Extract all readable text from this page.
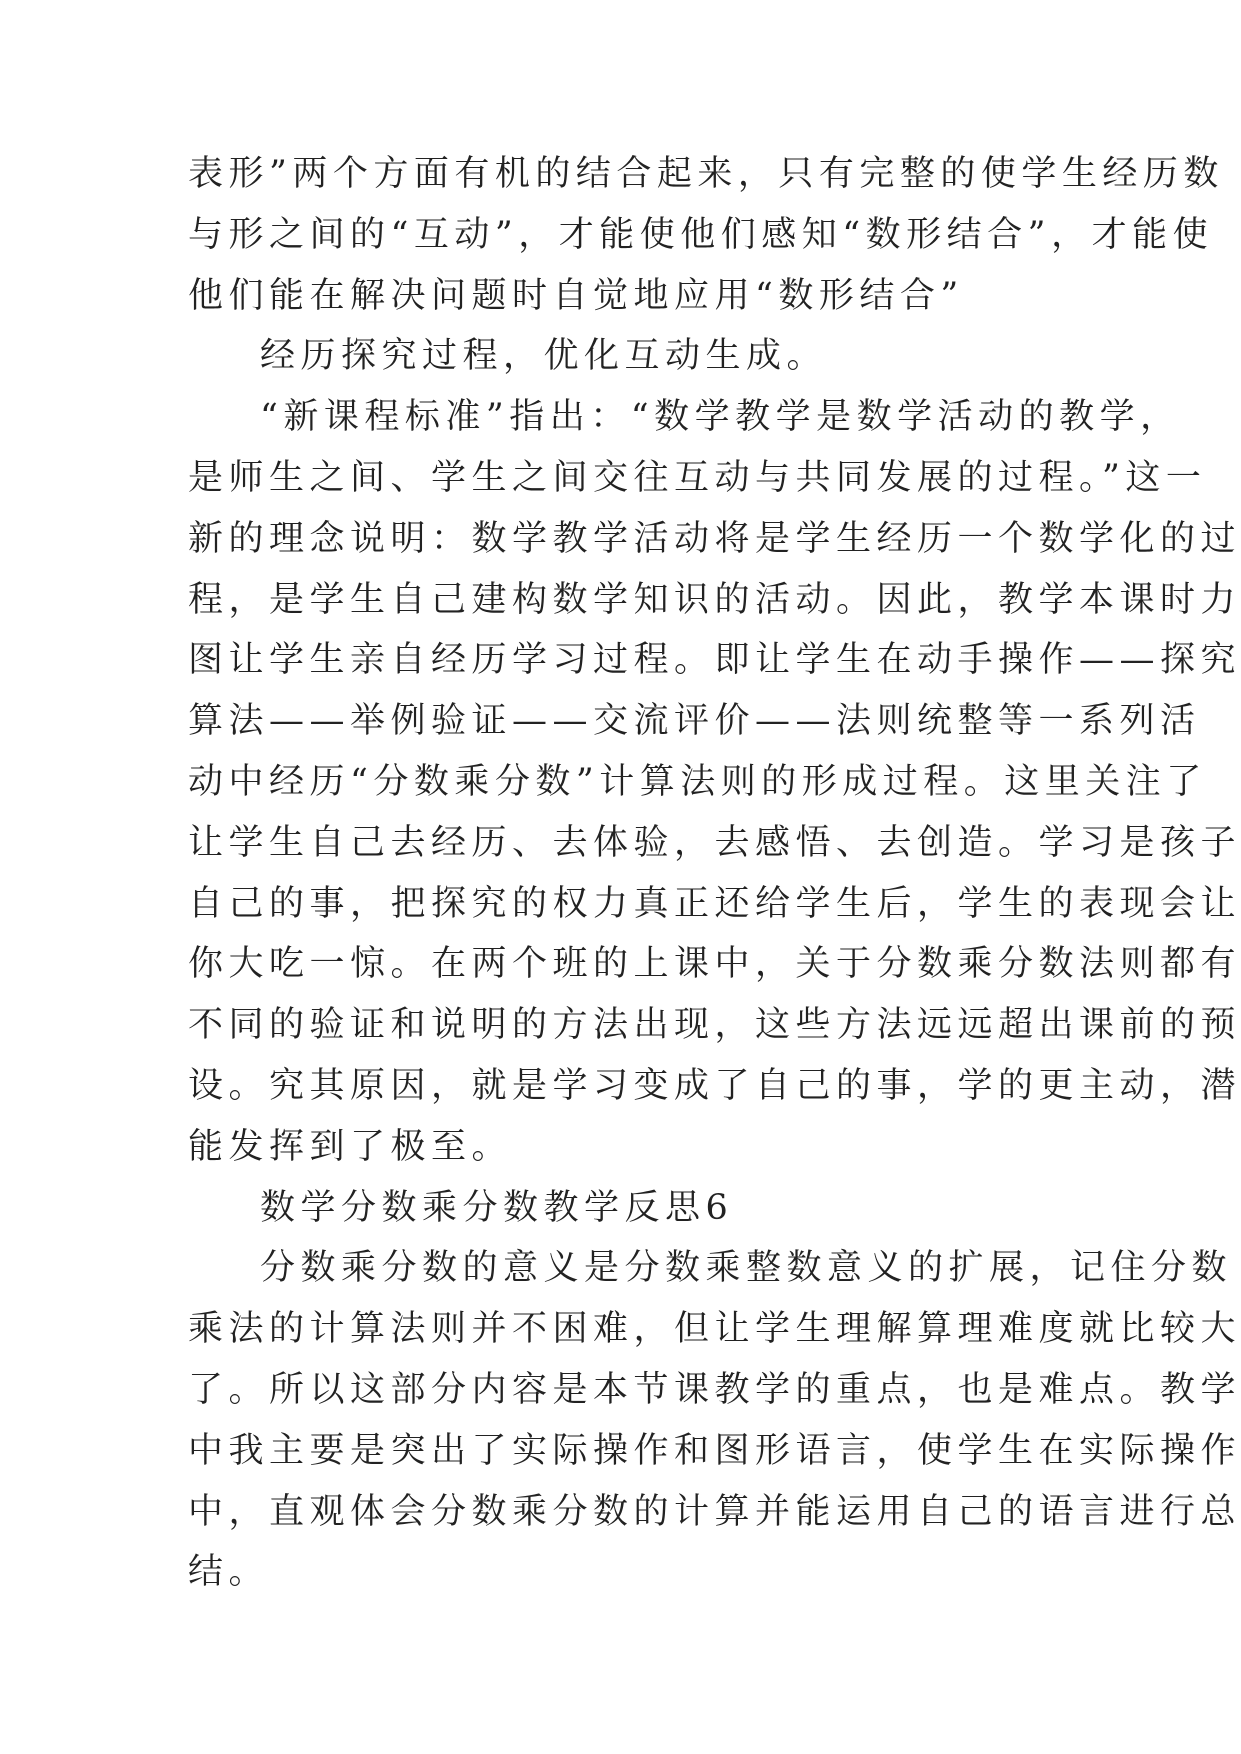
表形”两个方面有机的结合起来，只有完整的使学生经历数
与形之间的“互动”，才能使他们感知“数形结合”，才能使
他们能在解决问题时自觉地应用“数形结合”
经历探究过程，优化互动生成。
“新课程标准”指出：“数学教学是数学活动的教学，
是师生之间、学生之间交往互动与共同发展的过程。”这一
新的理念说明：数学教学活动将是学生经历一个数学化的过
程，是学生自己建构数学知识的活动。因此，教学本课时力
图让学生亲自经历学习过程。即让学生在动手操作——探究
算法——举例验证——交流评价——法则统整等一系列活
动中经历“分数乘分数”计算法则的形成过程。这里关注了
让学生自己去经历、去体验，去感悟、去创造。学习是孩子
自己的事，把探究的权力真正还给学生后，学生的表现会让
你大吃一惊。在两个班的上课中，关于分数乘分数法则都有
不同的验证和说明的方法出现，这些方法远远超出课前的预
设。究其原因，就是学习变成了自己的事，学的更主动，潜
能发挥到了极至。
数学分数乘分数教学反思6
分数乘分数的意义是分数乘整数意义的扩展，记住分数
乘法的计算法则并不困难，但让学生理解算理难度就比较大
了。所以这部分内容是本节课教学的重点，也是难点。教学
中我主要是突出了实际操作和图形语言，使学生在实际操作
中，直观体会分数乘分数的计算并能运用自己的语言进行总
结。
